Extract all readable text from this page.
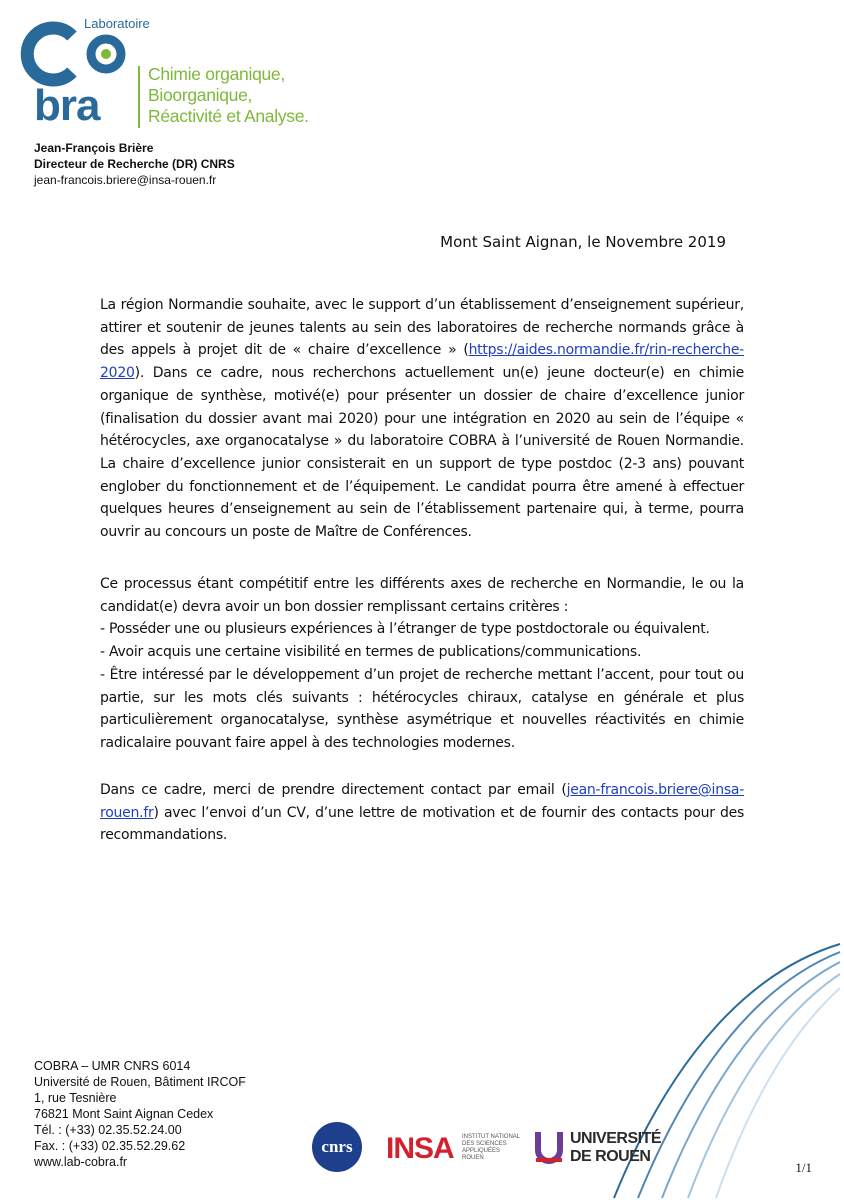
bra
Laboratoire
Chimie organique,
Bioorganique,
Réactivité et Analyse.
Jean-François Brière
Directeur de Recherche (DR) CNRS
jean-francois.briere@insa-rouen.fr
Mont Saint Aignan, le Novembre 2019

La région Normandie souhaite, avec le support d’un établissement d’enseignement supérieur, attirer et soutenir de jeunes talents au sein des laboratoires de recherche normands grâce à des appels à projet dit de « chaire d’excellence » (https://aides.normandie.fr/rin-recherche-2020). Dans ce cadre, nous recherchons actuellement un(e) jeune docteur(e) en chimie organique de synthèse, motivé(e) pour présenter un dossier de chaire d’excellence junior (finalisation du dossier avant mai 2020) pour une intégration en 2020 au sein de l’équipe « hétérocycles, axe organocatalyse » du laboratoire COBRA à l’université de Rouen Normandie. La chaire d’excellence junior consisterait en un support de type postdoc (2-3 ans) pouvant englober du fonctionnement et de l’équipement. Le candidat pourra être amené à effectuer quelques heures d’enseignement au sein de l’établissement partenaire qui, à terme, pourra ouvrir au concours un poste de Maître de Conférences.

Ce processus étant compétitif entre les différents axes de recherche en Normandie, le ou la candidat(e) devra avoir un bon dossier remplissant certains critères :

- Posséder une ou plusieurs expériences à l’étranger de type postdoctorale ou équivalent.

- Avoir acquis une certaine visibilité en termes de publications/communications.

- Être intéressé par le développement d’un projet de recherche mettant l’accent, pour tout ou partie, sur les mots clés suivants : hétérocycles chiraux, catalyse en générale et plus particulièrement organocatalyse, synthèse asymétrique et nouvelles réactivités en chimie radicalaire pouvant faire appel à des technologies modernes.

Dans ce cadre, merci de prendre directement contact par email (jean-francois.briere@insa-rouen.fr) avec l’envoi d’un CV, d’une lettre de motivation et de fournir des contacts pour des recommandations.

COBRA – UMR CNRS 6014
Université de Rouen, Bâtiment IRCOF
1, rue Tesnière
76821 Mont Saint Aignan Cedex
Tél. : (+33) 02.35.52.24.00
Fax. : (+33) 02.35.52.29.62
www.lab-cobra.fr
cnrs INSA INSTITUT NATIONAL DES SCIENCES APPLIQUÉES ROUEN
UNIVERSITÉ
DE ROUEN
1/1
